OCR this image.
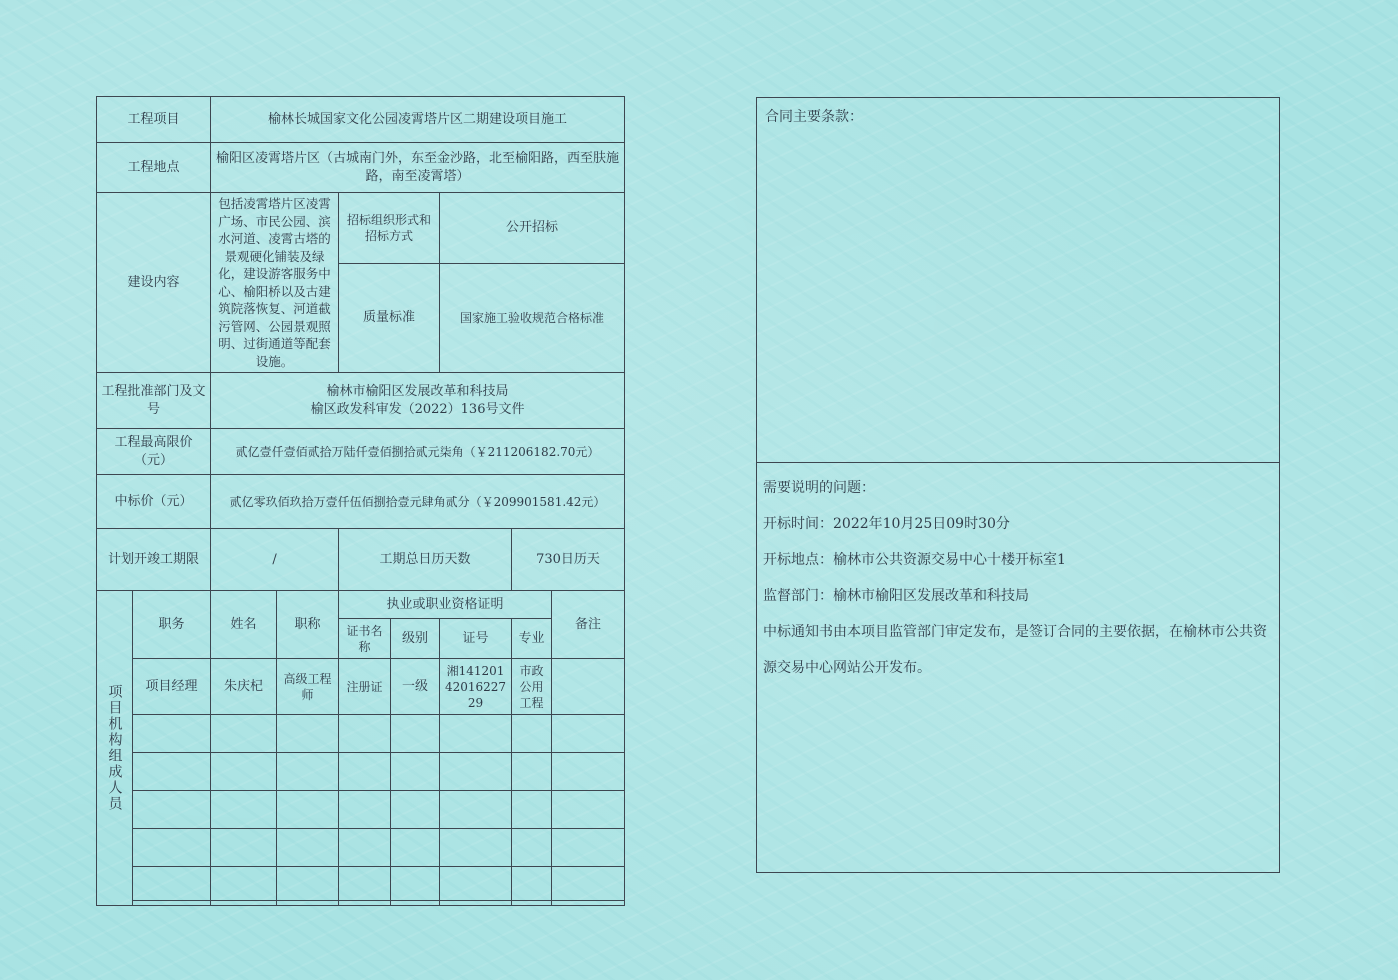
工程项目		榆林长城国家文化公园凌霄塔片区二期建设项目施工						
工程地点		榆阳区凌霄塔片区（古城南门外，东至金沙路，北至榆阳路，西至肤施路，南至凌霄塔）						
建设内容		包括凌霄塔片区凌霄广场、市民公园、滨水河道、凌霄古塔的景观硬化铺装及绿化，建设游客服务中心、榆阳桥以及古建筑院落恢复、河道截污管网、公园景观照明、过街通道等配套设施。		招标组织形式和招标方式		公开招标		
				质量标准		国家施工验收规范合格标准		
工程批准部门及文号		榆林市榆阳区发展改革和科技局
榆区政发科审发（2022）136号文件						

工程最高限价（元）		贰亿壹仟壹佰贰拾万陆仟壹佰捌拾贰元柒角（￥211206182.70元）						
中标价（元）		贰亿零玖佰玖拾万壹仟伍佰捌拾壹元肆角贰分（￥209901581.42元）						
计划开竣工期限		/		工期总日历天数			730日历天	
项目机构组成人员	职务	姓名	职称	执业或职业资格证明				备注
				证书名称	级别	证号	专业	
	项目经理	朱庆杞	高级工程师	注册证	一级	湘1412014201622729	市政公用工程	

合同主要条款：

需要说明的问题：

开标时间：2022年10月25日09时30分

开标地点：榆林市公共资源交易中心十楼开标室1

监督部门：榆林市榆阳区发展改革和科技局

中标通知书由本项目监管部门审定发布，是签订合同的主要依据，在榆林市公共资源交易中心网站公开发布。
